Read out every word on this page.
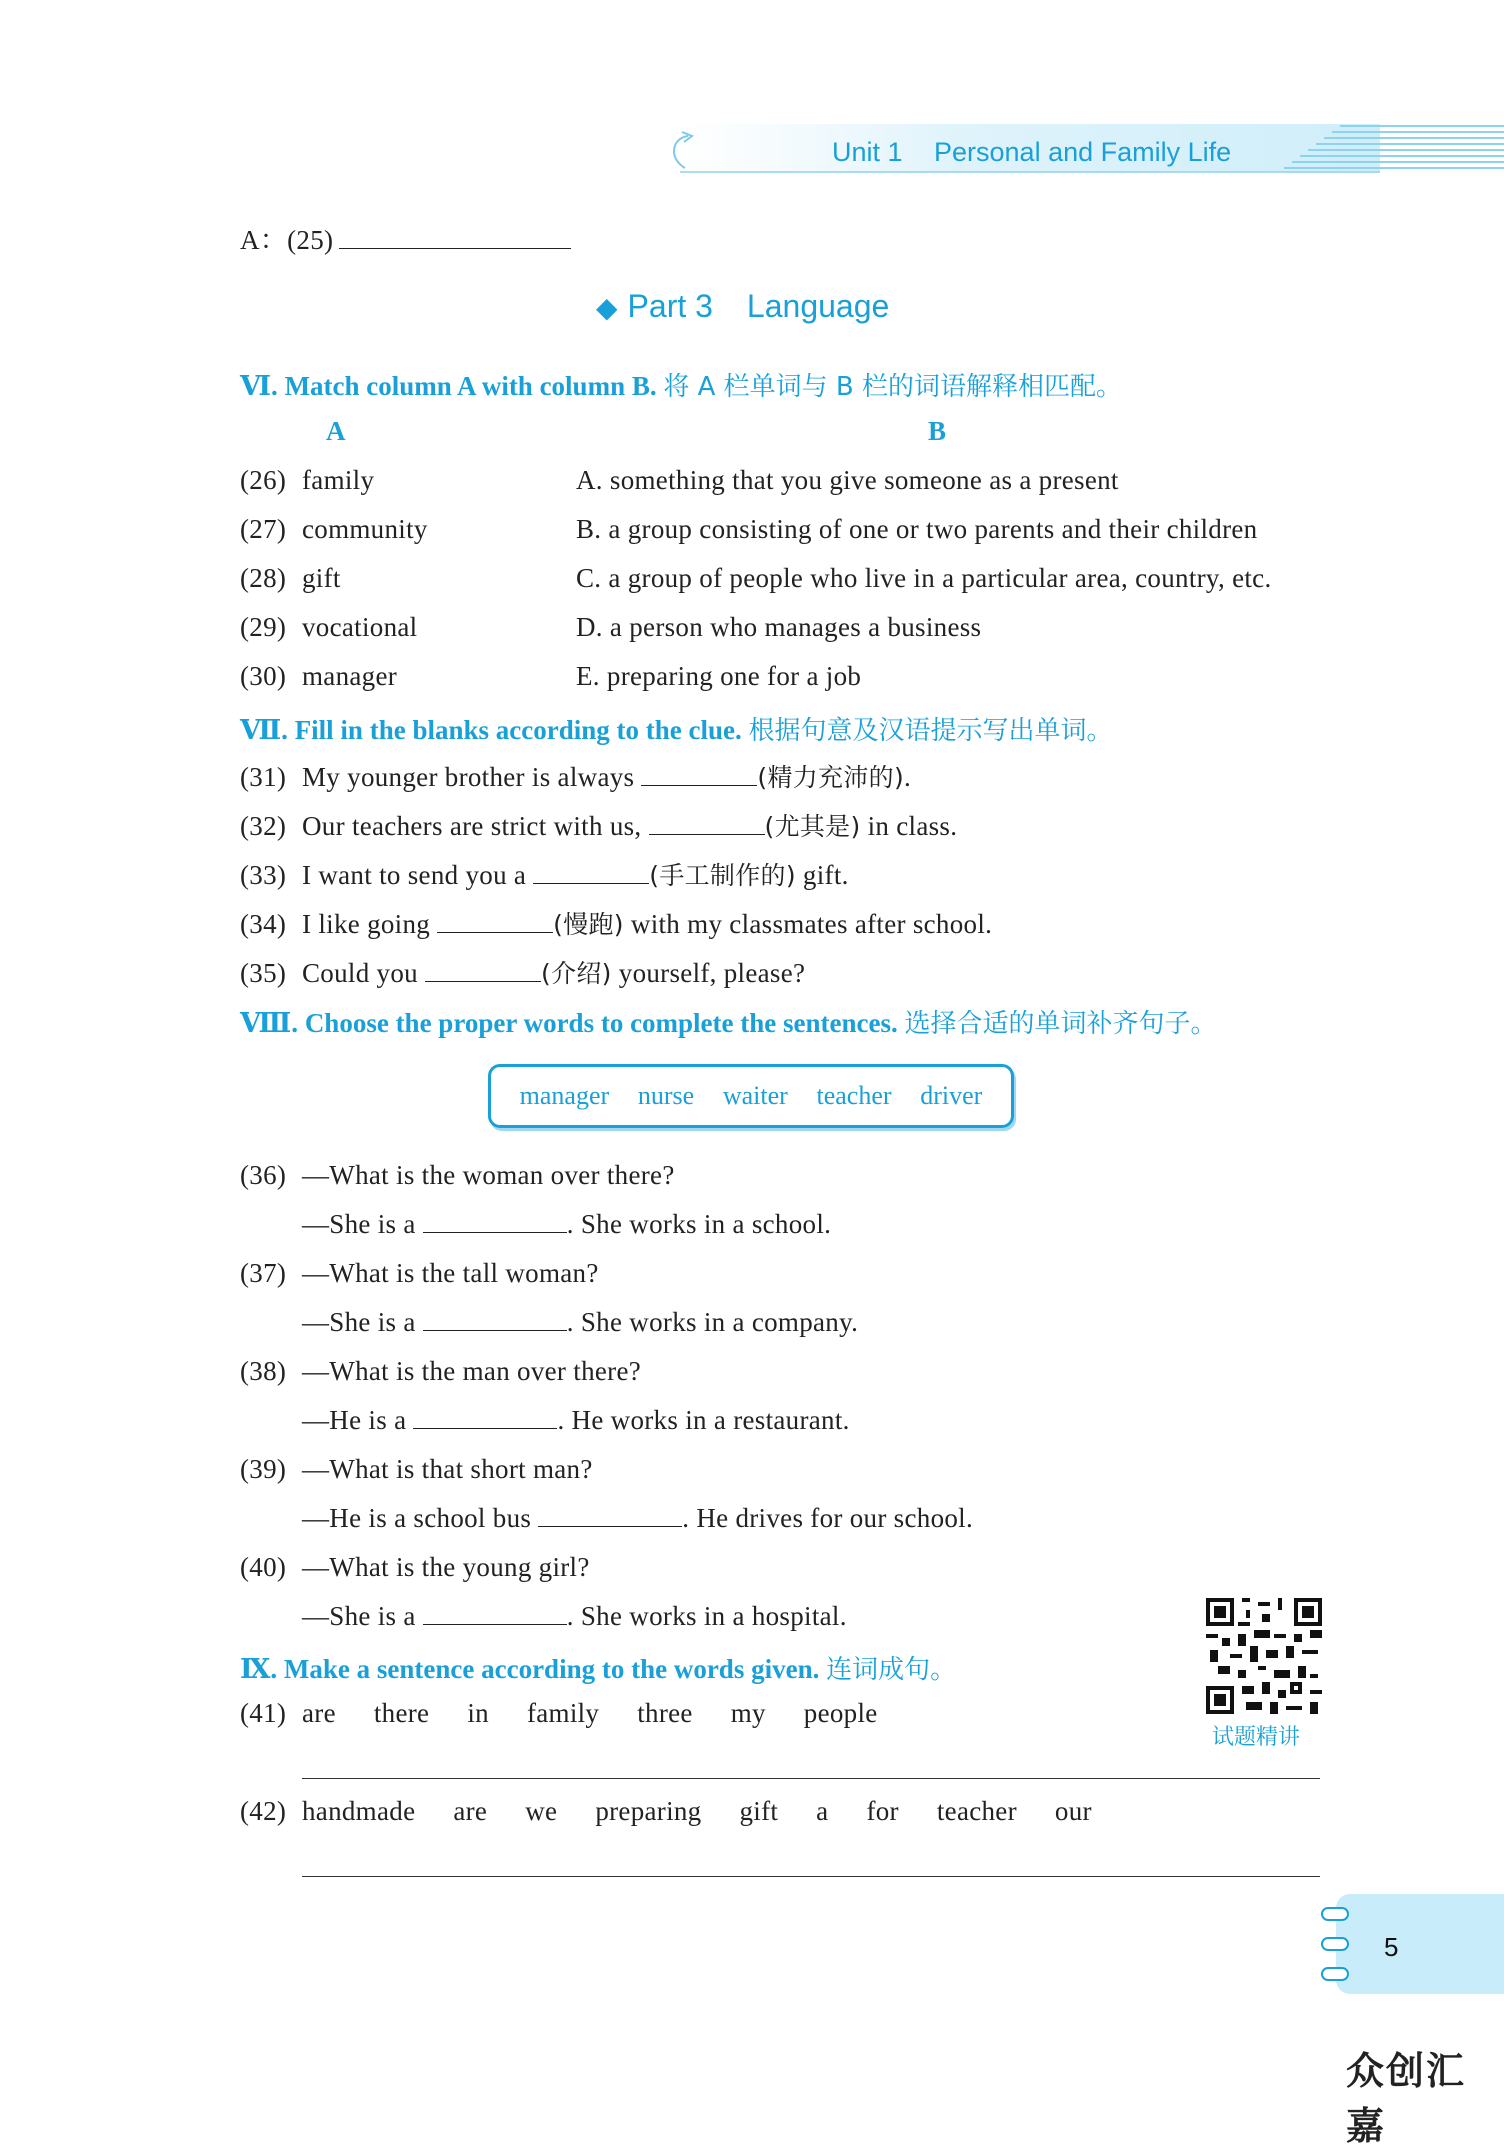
Unit 1 Personal and Family Life
A：(25)
◆ Part 3 Language
Ⅵ. Match column A with column B. 将 A 栏单词与 B 栏的词语解释相匹配。
A	B
(26) family	A. something that you give someone as a present
(27) community	B. a group consisting of one or two parents and their children
(28) gift	C. a group of people who live in a particular area, country, etc.
(29) vocational	D. a person who manages a business
(30) manager	E. preparing one for a job
Ⅶ. Fill in the blanks according to the clue. 根据句意及汉语提示写出单词。
(31) My younger brother is always	(精力充沛的).
(32) Our teachers are strict with us,	(尤其是) in class.
(33) I want to send you a	(手工制作的) gift.
(34) I like going	(慢跑) with my classmates after school.
(35) Could you	(介绍) yourself, please?
Ⅷ. Choose the proper words to complete the sentences. 选择合适的单词补齐句子。
manager nurse waiter teacher driver
(36) —What is the woman over there?
—She is a	. She works in a school.
(37) —What is the tall woman?
—She is a	. She works in a company.
(38) —What is the man over there?
—He is a	. He works in a restaurant.
(39) —What is that short man?
—He is a school bus	. He drives for our school.
(40) —What is the young girl?
—She is a	. She works in a hospital.
试题精讲
Ⅸ. Make a sentence according to the words given. 连词成句。
(41) are there in family three my people
(42) handmade are we preparing gift a for teacher our
5
众创汇嘉
